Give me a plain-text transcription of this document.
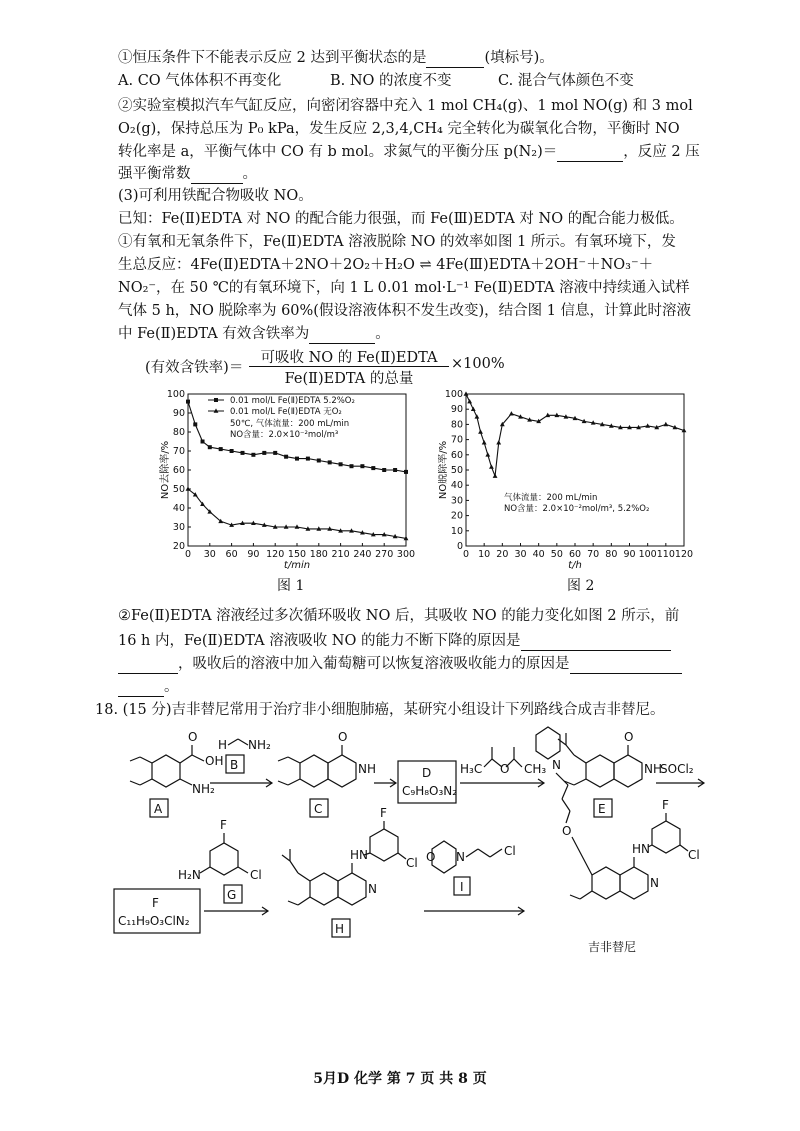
①恒压条件下不能表示反应 2 达到平衡状态的是	(填标号)。
A. CO 气体体积不再变化	B. NO 的浓度不变	C. 混合气体颜色不变
②实验室模拟汽车气缸反应，向密闭容器中充入 1 mol CH₄(g)、1 mol NO(g) 和 3 mol
O₂(g)，保持总压为 P₀ kPa，发生反应 2,3,4,CH₄ 完全转化为碳氧化合物，平衡时 NO
转化率是 a，平衡气体中 CO 有 b mol。求氮气的平衡分压 p(N₂)＝	，反应 2 压
强平衡常数	。
(3)可利用铁配合物吸收 NO。
已知：Fe(Ⅱ)EDTA 对 NO 的配合能力很强，而 Fe(Ⅲ)EDTA 对 NO 的配合能力极低。
①有氧和无氧条件下，Fe(Ⅱ)EDTA 溶液脱除 NO 的效率如图 1 所示。有氧环境下，发
生总反应：4Fe(Ⅱ)EDTA＋2NO＋2O₂＋H₂O ⇌ 4Fe(Ⅲ)EDTA＋2OH⁻＋NO₃⁻＋
NO₂⁻，在 50 ℃的有氧环境下，向 1 L 0.01 mol·L⁻¹ Fe(Ⅱ)EDTA 溶液中持续通入试样
气体 5 h，NO 脱除率为 60%(假设溶液体积不发生改变)，结合图 1 信息，计算此时溶液
中 Fe(Ⅱ)EDTA 有效含铁率为	。
(有效含铁率)＝
可吸收 NO 的 Fe(Ⅱ)EDTA
Fe(Ⅱ)EDTA 的总量
×100%
0 30 60 90 120 150 180 210 240 270 300
20
30
40
50
60
70
80
90
100
t/min
NO去除率/%
0.01 mol/L Fe(Ⅱ)EDTA 5.2%O₂
0.01 mol/L Fe(Ⅱ)EDTA 无O₂
50℃, 气体流量：200 mL/min
NO含量：2.0×10⁻²mol/m³
图 1
0 10 20 30 40 50 60 70 80 90 100 110 120
0
10
20
30
40
50
60
70
80
90
100
t/h
NO脱除率/%	气体流量：200 mL/min
NO含量：2.0×10⁻²mol/m³, 5.2%O₂
图 2
②Fe(Ⅱ)EDTA 溶液经过多次循环吸收 NO 后，其吸收 NO 的能力变化如图 2 所示，前
16 h 内，Fe(Ⅱ)EDTA 溶液吸收 NO 的能力不断下降的原因是
，吸收后的溶液中加入葡萄糖可以恢复溶液吸收能力的原因是
。
18. (15 分)吉非替尼常用于治疗非小细胞肺癌，某研究小组设计下列路线合成吉非替尼。
O
OH
NH₂
A
H NH₂
B
O
NH
C
D
C₉H₈O₃N₂
H₃C O CH₃
O
NH
E
SOCl₂
F
Cl
H₂N
G
F
C₁₁H₉O₃ClN₂
HN
F
Cl
N
H
O N	Cl
I
N
O
HN
F
Cl
N
吉非替尼
5月D 化学 第 7 页 共 8 页
